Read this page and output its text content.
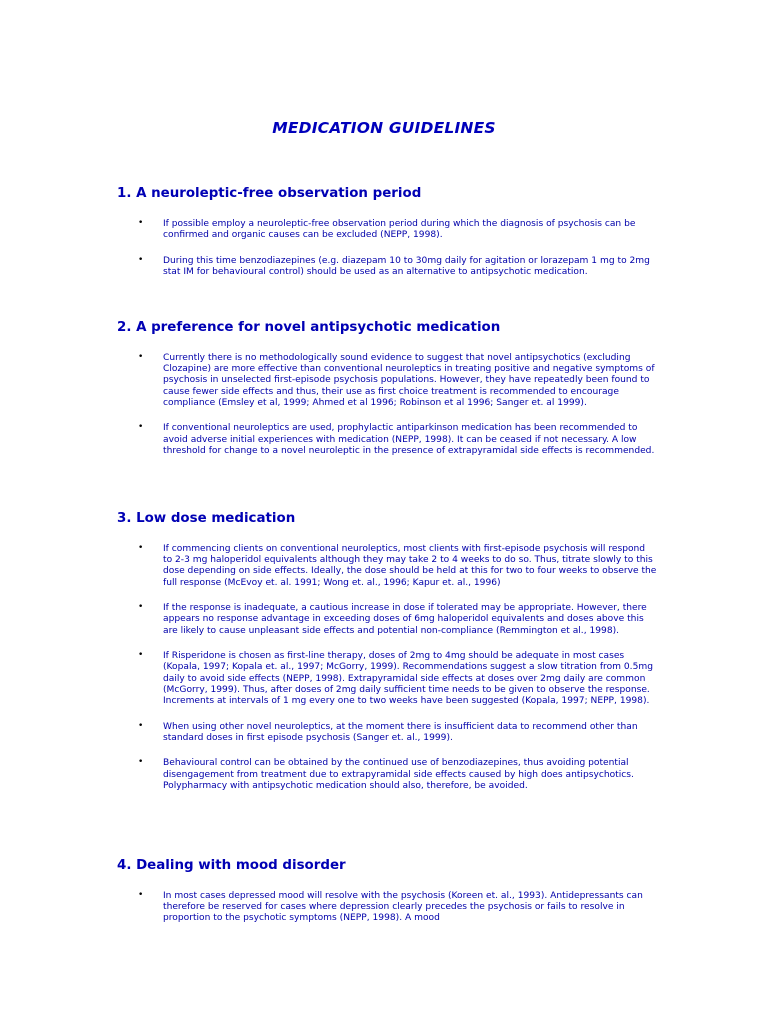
MEDICATION GUIDELINES
1. A neuroleptic-free observation period
• If possible employ a neuroleptic-free observation period during which the diagnosis of psychosis can be confirmed and organic causes can be excluded (NEPP, 1998).
• During this time benzodiazepines (e.g. diazepam 10 to 30mg daily for agitation or lorazepam 1 mg to 2mg stat IM for behavioural control) should be used as an alternative to antipsychotic medication.
2. A preference for novel antipsychotic medication
• Currently there is no methodologically sound evidence to suggest that novel antipsychotics (excluding Clozapine) are more effective than conventional neuroleptics in treating positive and negative symptoms of psychosis in unselected first-episode psychosis populations. However, they have repeatedly been found to cause fewer side effects and thus, their use as first choice treatment is recommended to encourage compliance (Emsley et al, 1999; Ahmed et al 1996; Robinson et al 1996; Sanger et. al 1999).
• If conventional neuroleptics are used, prophylactic antiparkinson medication has been recommended to avoid adverse initial experiences with medication (NEPP, 1998). It can be ceased if not necessary. A low threshold for change to a novel neuroleptic in the presence of extrapyramidal side effects is recommended.
3. Low dose medication
• If commencing clients on conventional neuroleptics, most clients with first-episode psychosis will respond to 2-3 mg haloperidol equivalents although they may take 2 to 4 weeks to do so. Thus, titrate slowly to this dose depending on side effects. Ideally, the dose should be held at this for two to four weeks to observe the full response (McEvoy et. al. 1991; Wong et. al., 1996; Kapur et. al., 1996)
• If the response is inadequate, a cautious increase in dose if tolerated may be appropriate. However, there appears no response advantage in exceeding doses of 6mg haloperidol equivalents and doses above this are likely to cause unpleasant side effects and potential non-compliance (Remmington et al., 1998).
• If Risperidone is chosen as first-line therapy, doses of 2mg to 4mg should be adequate in most cases (Kopala, 1997; Kopala et. al., 1997; McGorry, 1999). Recommendations suggest a slow titration from 0.5mg daily to avoid side effects (NEPP, 1998). Extrapyramidal side effects at doses over 2mg daily are common (McGorry, 1999). Thus, after doses of 2mg daily sufficient time needs to be given to observe the response. Increments at intervals of 1 mg every one to two weeks have been suggested (Kopala, 1997; NEPP, 1998).
• When using other novel neuroleptics, at the moment there is insufficient data to recommend other than standard doses in first episode psychosis (Sanger et. al., 1999).
• Behavioural control can be obtained by the continued use of benzodiazepines, thus avoiding potential disengagement from treatment due to extrapyramidal side effects caused by high does antipsychotics. Polypharmacy with antipsychotic medication should also, therefore, be avoided.
4. Dealing with mood disorder
• In most cases depressed mood will resolve with the psychosis (Koreen et. al., 1993). Antidepressants can therefore be reserved for cases where depression clearly precedes the psychosis or fails to resolve in proportion to the psychotic symptoms (NEPP, 1998). A mood
